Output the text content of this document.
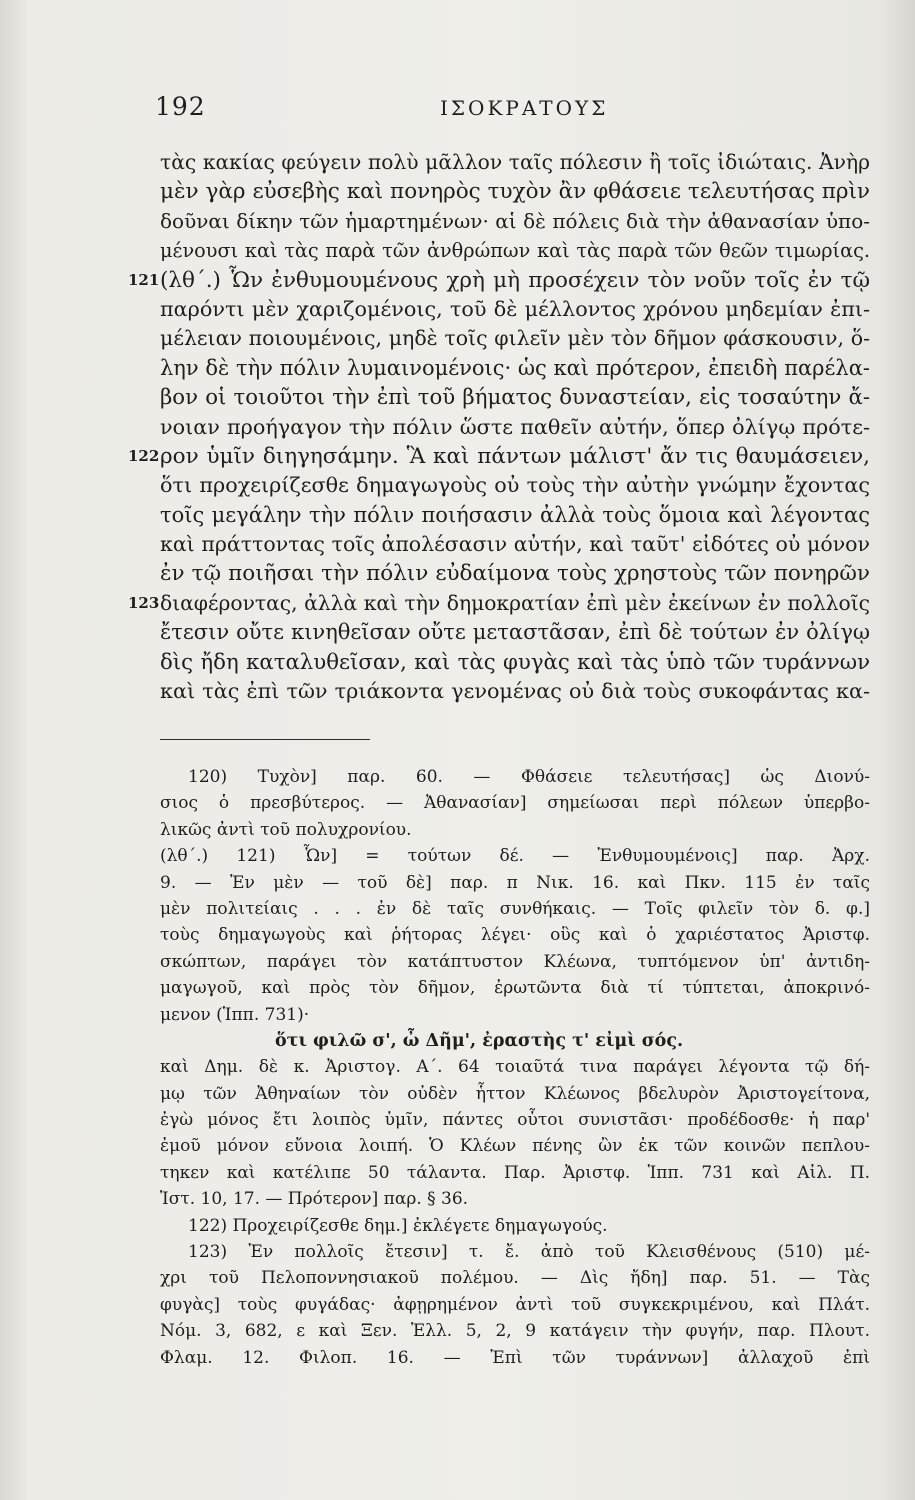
192	ΙΣΟΚΡΑΤΟΥΣ
τὰς κακίας φεύγειν πολὺ μᾶλλον ταῖς πόλεσιν ἢ τοῖς ἰδιώταις. Ἀνὴρ
μὲν γὰρ εὐσεβὴς καὶ πονηρὸς τυχὸν ἂν φθάσειε τελευτήσας πρὶν
δοῦναι δίκην τῶν ἡμαρτημένων· αἱ δὲ πόλεις διὰ τὴν ἀθανασίαν ὑπο-
μένουσι καὶ τὰς παρὰ τῶν ἀνθρώπων καὶ τὰς παρὰ τῶν θεῶν τιμωρίας.
121 (λθ΄.) Ὧν ἐνθυμουμένους χρὴ μὴ προσέχειν τὸν νοῦν τοῖς ἐν τῷ
παρόντι μὲν χαριζομένοις, τοῦ δὲ μέλλοντος χρόνου μηδεμίαν ἐπι-
μέλειαν ποιουμένοις, μηδὲ τοῖς φιλεῖν μὲν τὸν δῆμον φάσκουσιν, ὅ-
λην δὲ τὴν πόλιν λυμαινομένοις· ὡς καὶ πρότερον, ἐπειδὴ παρέλα-
βον οἱ τοιοῦτοι τὴν ἐπὶ τοῦ βήματος δυναστείαν, εἰς τοσαύτην ἄ-
νοιαν προήγαγον τὴν πόλιν ὥστε παθεῖν αὐτήν, ὅπερ ὀλίγῳ πρότε-
122 ρον ὑμῖν διηγησάμην. Ἃ καὶ πάντων μάλιστ' ἄν τις θαυμάσειεν,
ὅτι προχειρίζεσθε δημαγωγοὺς οὐ τοὺς τὴν αὐτὴν γνώμην ἔχοντας
τοῖς μεγάλην τὴν πόλιν ποιήσασιν ἀλλὰ τοὺς ὅμοια καὶ λέγοντας
καὶ πράττοντας τοῖς ἀπολέσασιν αὐτήν, καὶ ταῦτ' εἰδότες οὐ μόνον
ἐν τῷ ποιῆσαι τὴν πόλιν εὐδαίμονα τοὺς χρηστοὺς τῶν πονηρῶν
123 διαφέροντας, ἀλλὰ καὶ τὴν δημοκρατίαν ἐπὶ μὲν ἐκείνων ἐν πολλοῖς
ἔτεσιν οὔτε κινηθεῖσαν οὔτε μεταστᾶσαν, ἐπὶ δὲ τούτων ἐν ὀλίγῳ
δὶς ἤδη καταλυθεῖσαν, καὶ τὰς φυγὰς καὶ τὰς ὑπὸ τῶν τυράννων
καὶ τὰς ἐπὶ τῶν τριάκοντα γενομένας οὐ διὰ τοὺς συκοφάντας κα-
120) Τυχὸν] παρ. 60. — Φθάσειε τελευτήσας] ὡς Διονύ-
σιος ὁ πρεσβύτερος. — Ἀθανασίαν] σημείωσαι περὶ πόλεων ὑπερβο-
λικῶς ἀντὶ τοῦ πολυχρονίου.
(λθ΄.) 121) Ὧν] = τούτων δέ. — Ἐνθυμουμένοις] παρ. Ἀρχ.
9. — Ἐν μὲν — τοῦ δὲ] παρ. π Νικ. 16. καὶ Πκν. 115 ἐν ταῖς
μὲν πολιτείαις . . . ἐν δὲ ταῖς συνθήκαις. — Τοῖς φιλεῖν τὸν δ. φ.]
τοὺς δημαγωγοὺς καὶ ῥήτορας λέγει· οὓς καὶ ὁ χαριέστατος Ἀριστφ.
σκώπτων, παράγει τὸν κατάπτυστον Κλέωνα, τυπτόμενον ὑπ' ἀντιδη-
μαγωγοῦ, καὶ πρὸς τὸν δῆμον, ἐρωτῶντα διὰ τί τύπτεται, ἀποκρινό-
μενον (Ἱππ. 731)·
ὅτι φιλῶ σ', ὦ Δῆμ', ἐραστὴς τ' εἰμὶ σός.
καὶ Δημ. δὲ κ. Ἀριστογ. Α΄. 64 τοιαῦτά τινα παράγει λέγοντα τῷ δή-
μῳ τῶν Ἀθηναίων τὸν οὐδὲν ἧττον Κλέωνος βδελυρὸν Ἀριστογείτονα,
ἐγὼ μόνος ἔτι λοιπὸς ὑμῖν, πάντες οὗτοι συνιστᾶσι· προδέδοσθε· ἡ παρ'
ἐμοῦ μόνον εὔνοια λοιπή. Ὁ Κλέων πένης ὢν ἐκ τῶν κοινῶν πεπλου-
τηκεν καὶ κατέλιπε 50 τάλαντα. Παρ. Ἀριστφ. Ἱππ. 731 καὶ Αἰλ. Π.
Ἱστ. 10, 17. — Πρότερον] παρ. § 36.
122) Προχειρίζεσθε δημ.] ἐκλέγετε δημαγωγούς.
123) Ἐν πολλοῖς ἔτεσιν] τ. ἔ. ἀπὸ τοῦ Κλεισθένους (510) μέ-
χρι τοῦ Πελοποννησιακοῦ πολέμου. — Δὶς ἤδη] παρ. 51. — Τὰς
φυγὰς] τοὺς φυγάδας· ἀφῃρημένον ἀντὶ τοῦ συγκεκριμένου, καὶ Πλάτ.
Νόμ. 3, 682, ε καὶ Ξεν. Ἑλλ. 5, 2, 9 κατάγειν τὴν φυγήν, παρ. Πλουτ.
Φλαμ. 12. Φιλοπ. 16. — Ἐπὶ τῶν τυράννων] ἀλλαχοῦ ἐπὶ
